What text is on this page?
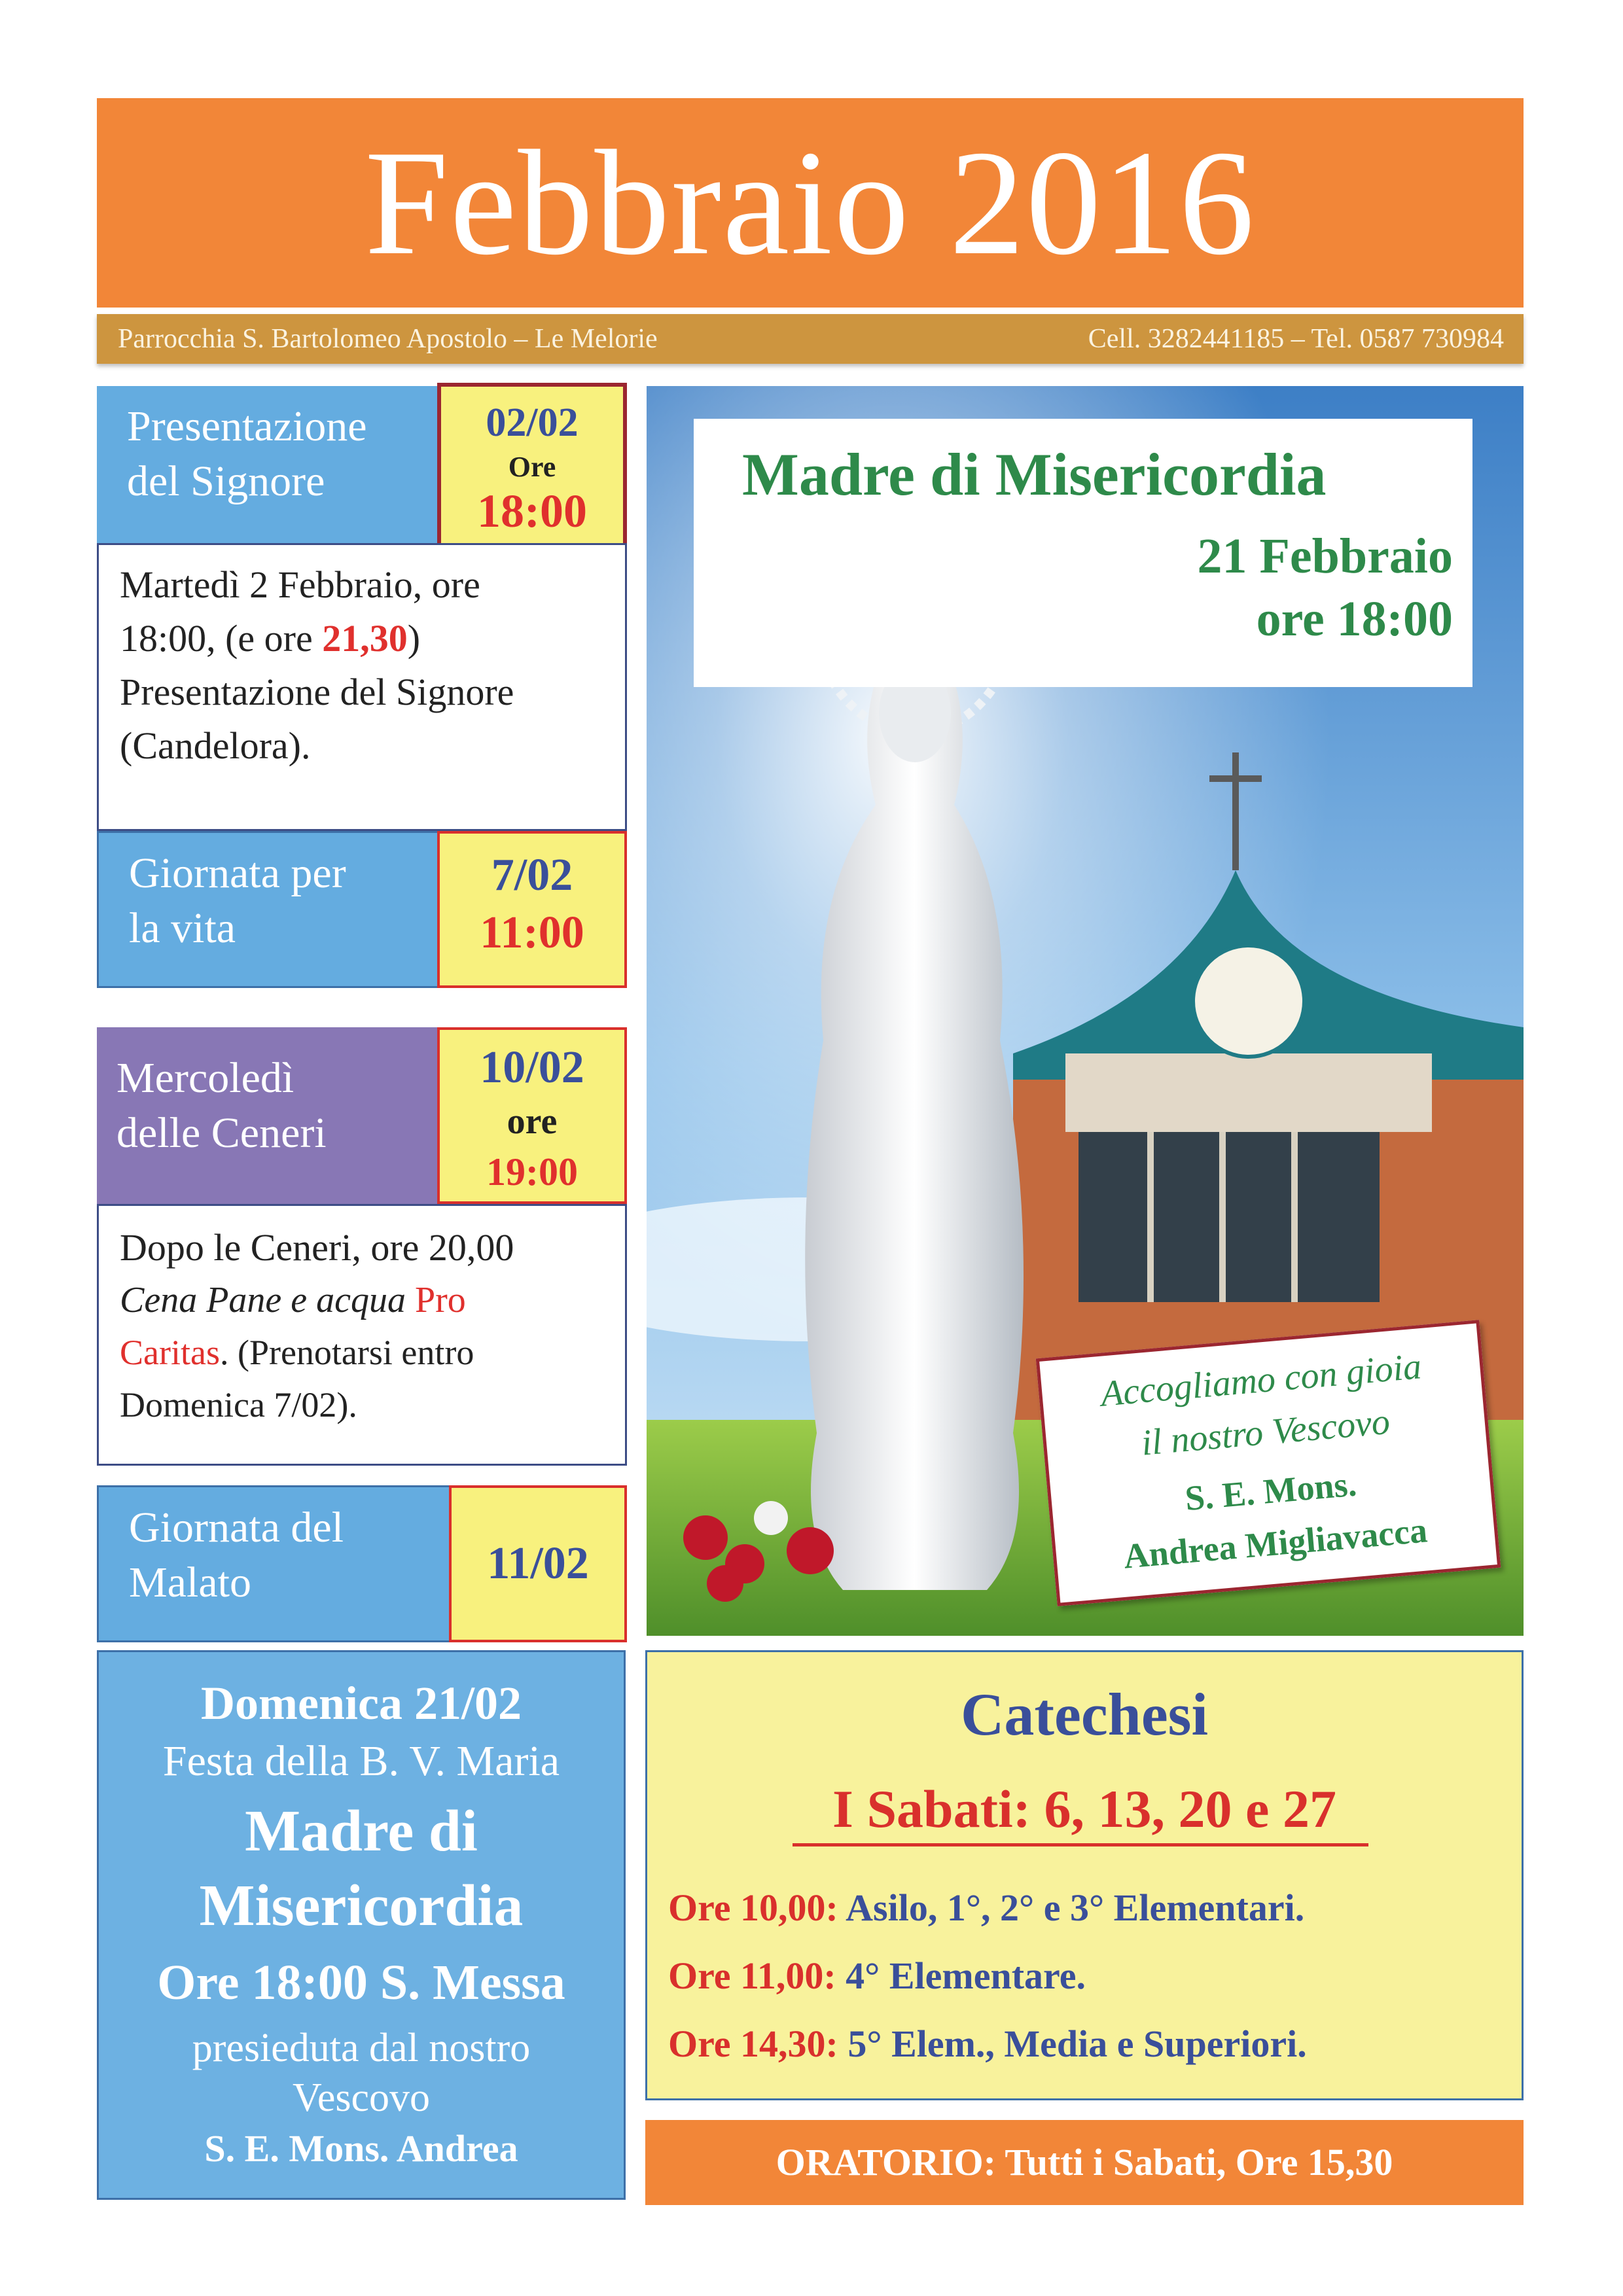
Febbraio 2016
Parrocchia S. Bartolomeo Apostolo – Le Melorie	Cell. 3282441185 – Tel. 0587 730984
Presentazione
del Signore
02/02
Ore
18:00
Martedì 2 Febbraio, ore
18:00, (e ore 21,30)
Presentazione del Signore
(Candelora).
Giornata per
la vita
7/02
11:00
Mercoledì
delle Ceneri
10/02
ore
19:00
Dopo le Ceneri, ore 20,00
Cena Pane e acqua Pro
Caritas. (Prenotarsi entro
Domenica 7/02).
Giornata del
Malato	11/02
Madre di Misericordia
21 Febbraio
ore 18:00
Accogliamo con gioia
il nostro Vescovo
S. E. Mons.
Andrea Migliavacca
Domenica 21/02
Festa della B. V. Maria
Madre di
Misericordia
Ore 18:00 S. Messa
presieduta dal nostro
Vescovo
S. E. Mons. Andrea
Catechesi
I Sabati: 6, 13, 20 e 27
Ore 10,00: Asilo, 1°, 2° e 3° Elementari.
Ore 11,00: 4° Elementare.
Ore 14,30: 5° Elem., Media e Superiori.
ORATORIO: Tutti i Sabati, Ore 15,30
